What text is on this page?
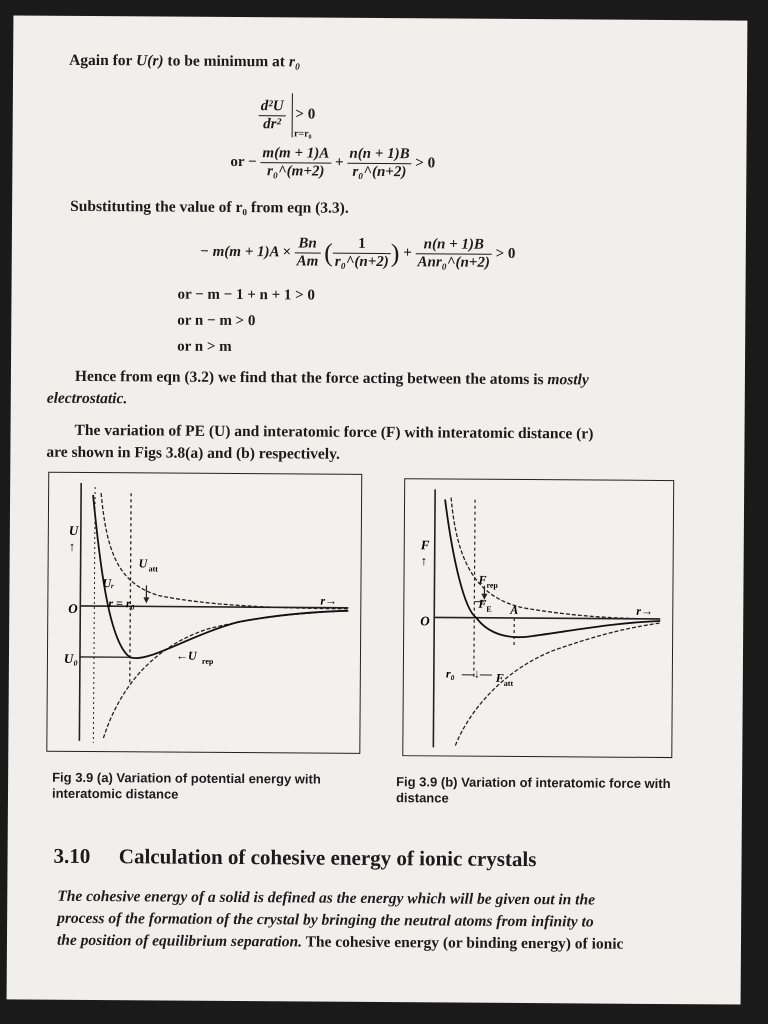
Again for U(r) to be minimum at r₀
$\frac{\text{d²U}}{\text{dr²}}$
$_{r=r_0}$ > 0
or − $\frac{m(m + 1)A}{\text{r₀\textasciicircum{}(m+2)}} + \frac{n(n + 1)B}{\text{r₀\textasciicircum{}(n+2)}} > 0$
Substituting the value of r₀ from eqn (3.3).
− $m(m + 1)A \times \frac{Bn}{Am}$ ( $\frac{1}{\text{r₀\textasciicircum{}(n+2)}}$ ) + $\frac{n(n + 1)B}{\text{Anr₀\textasciicircum{}(n+2)}} > 0$
or − m − 1 + n + 1 > 0
or n − m > 0
or n > m
Hence from eqn (3.2) we find that the force acting between the atoms is mostly
electrostatic.
The variation of PE (U) and interatomic force (F) with interatomic distance (r)
are shown in Figs 3.8(a) and (b) respectively.
U
↑
O
U₀
Uᵣ
r = r₀
U att
←U rep
r→
F
↑
O
F rep
F E A
r₀ —↓— F att
r→
Fig 3.9 (a) Variation of potential energy with interatomic distance
Fig 3.9 (b) Variation of interatomic force with distance
3.10 Calculation of cohesive energy of ionic crystals
The cohesive energy of a solid is defined as the energy which will be given out in the
process of the formation of the crystal by bringing the neutral atoms from infinity to
the position of equilibrium separation. The cohesive energy (or binding energy) of ionic
